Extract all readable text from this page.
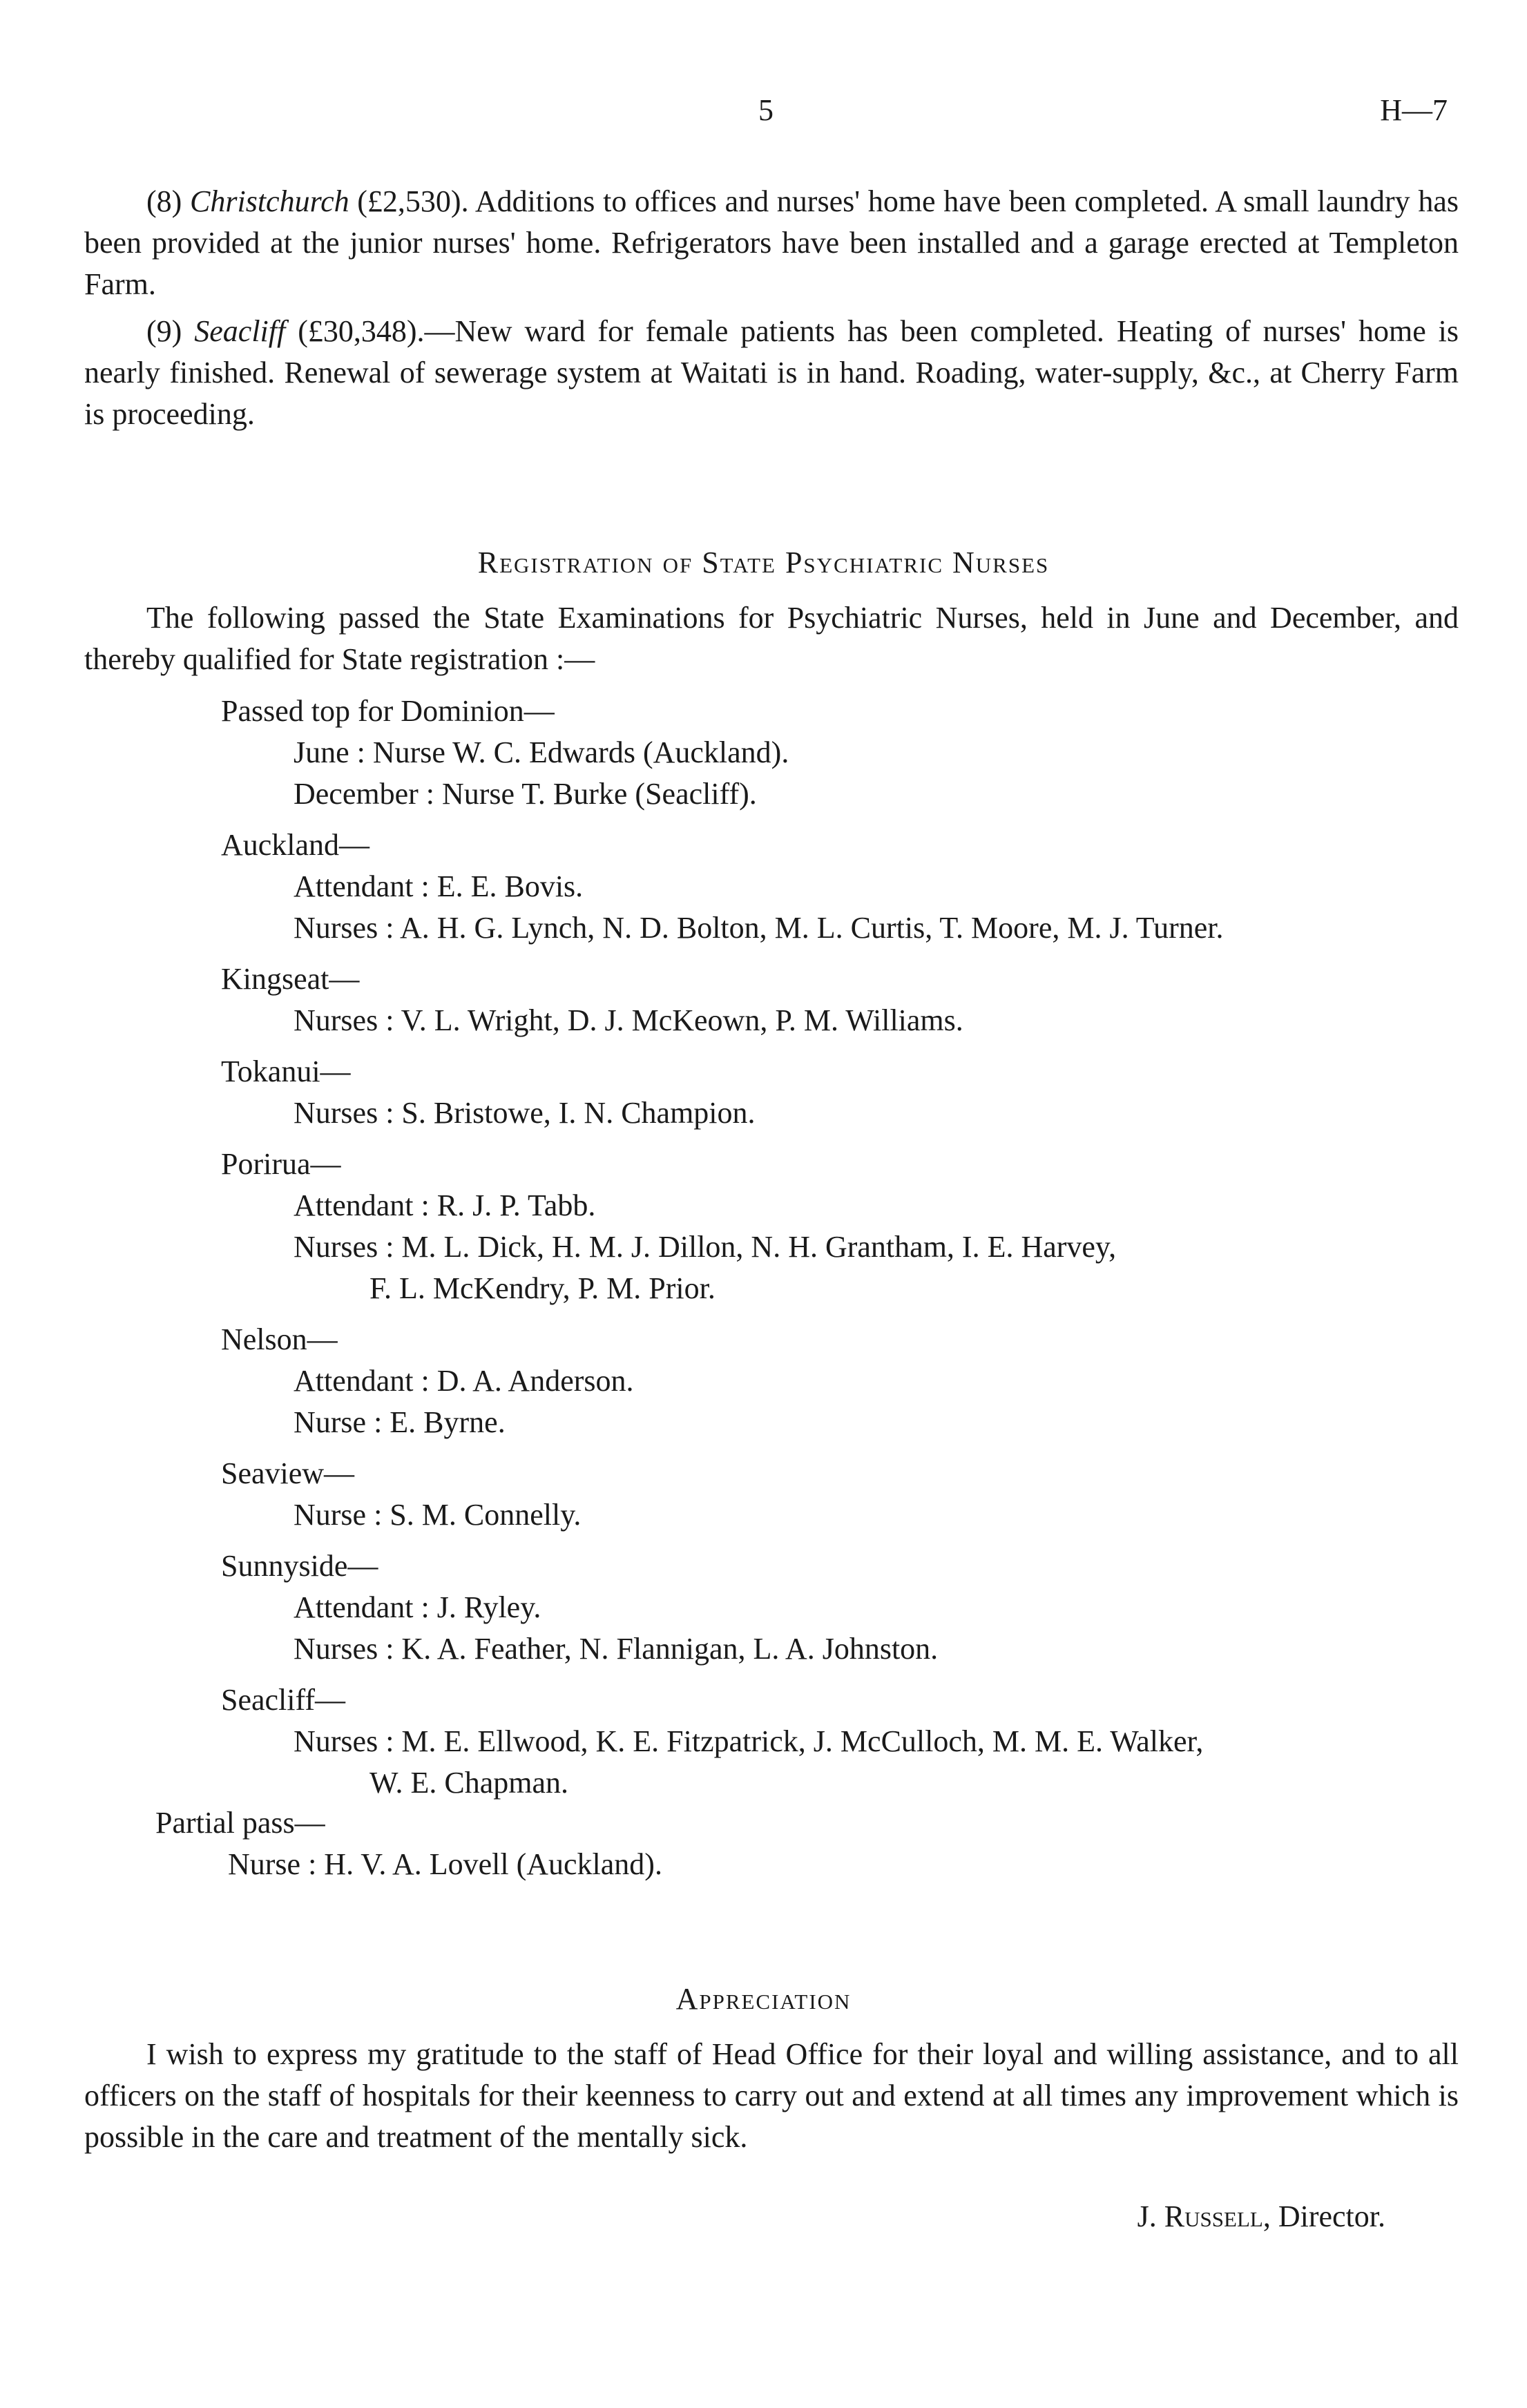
5	H—7

(8) Christchurch (£2,530). Additions to offices and nurses' home have been completed. A small laundry has been provided at the junior nurses' home. Refrigerators have been installed and a garage erected at Templeton Farm.

(9) Seacliff (£30,348).—New ward for female patients has been completed. Heating of nurses' home is nearly finished. Renewal of sewerage system at Waitati is in hand. Roading, water-supply, &c., at Cherry Farm is proceeding.

Registration of State Psychiatric Nurses

The following passed the State Examinations for Psychiatric Nurses, held in June and December, and thereby qualified for State registration :—

Passed top for Dominion—
June : Nurse W. C. Edwards (Auckland).
December : Nurse T. Burke (Seacliff).
Auckland—
Attendant : E. E. Bovis.
Nurses : A. H. G. Lynch, N. D. Bolton, M. L. Curtis, T. Moore, M. J. Turner.
Kingseat—
Nurses : V. L. Wright, D. J. McKeown, P. M. Williams.
Tokanui—
Nurses : S. Bristowe, I. N. Champion.
Porirua—
Attendant : R. J. P. Tabb.
Nurses : M. L. Dick, H. M. J. Dillon, N. H. Grantham, I. E. Harvey,
F. L. McKendry, P. M. Prior.
Nelson—
Attendant : D. A. Anderson.
Nurse : E. Byrne.
Seaview—
Nurse : S. M. Connelly.
Sunnyside—
Attendant : J. Ryley.
Nurses : K. A. Feather, N. Flannigan, L. A. Johnston.
Seacliff—
Nurses : M. E. Ellwood, K. E. Fitzpatrick, J. McCulloch, M. M. E. Walker,
W. E. Chapman.
Partial pass—
Nurse : H. V. A. Lovell (Auckland).
Appreciation

I wish to express my gratitude to the staff of Head Office for their loyal and willing assistance, and to all officers on the staff of hospitals for their keenness to carry out and extend at all times any improvement which is possible in the care and treatment of the mentally sick.

J. Russell, Director.
